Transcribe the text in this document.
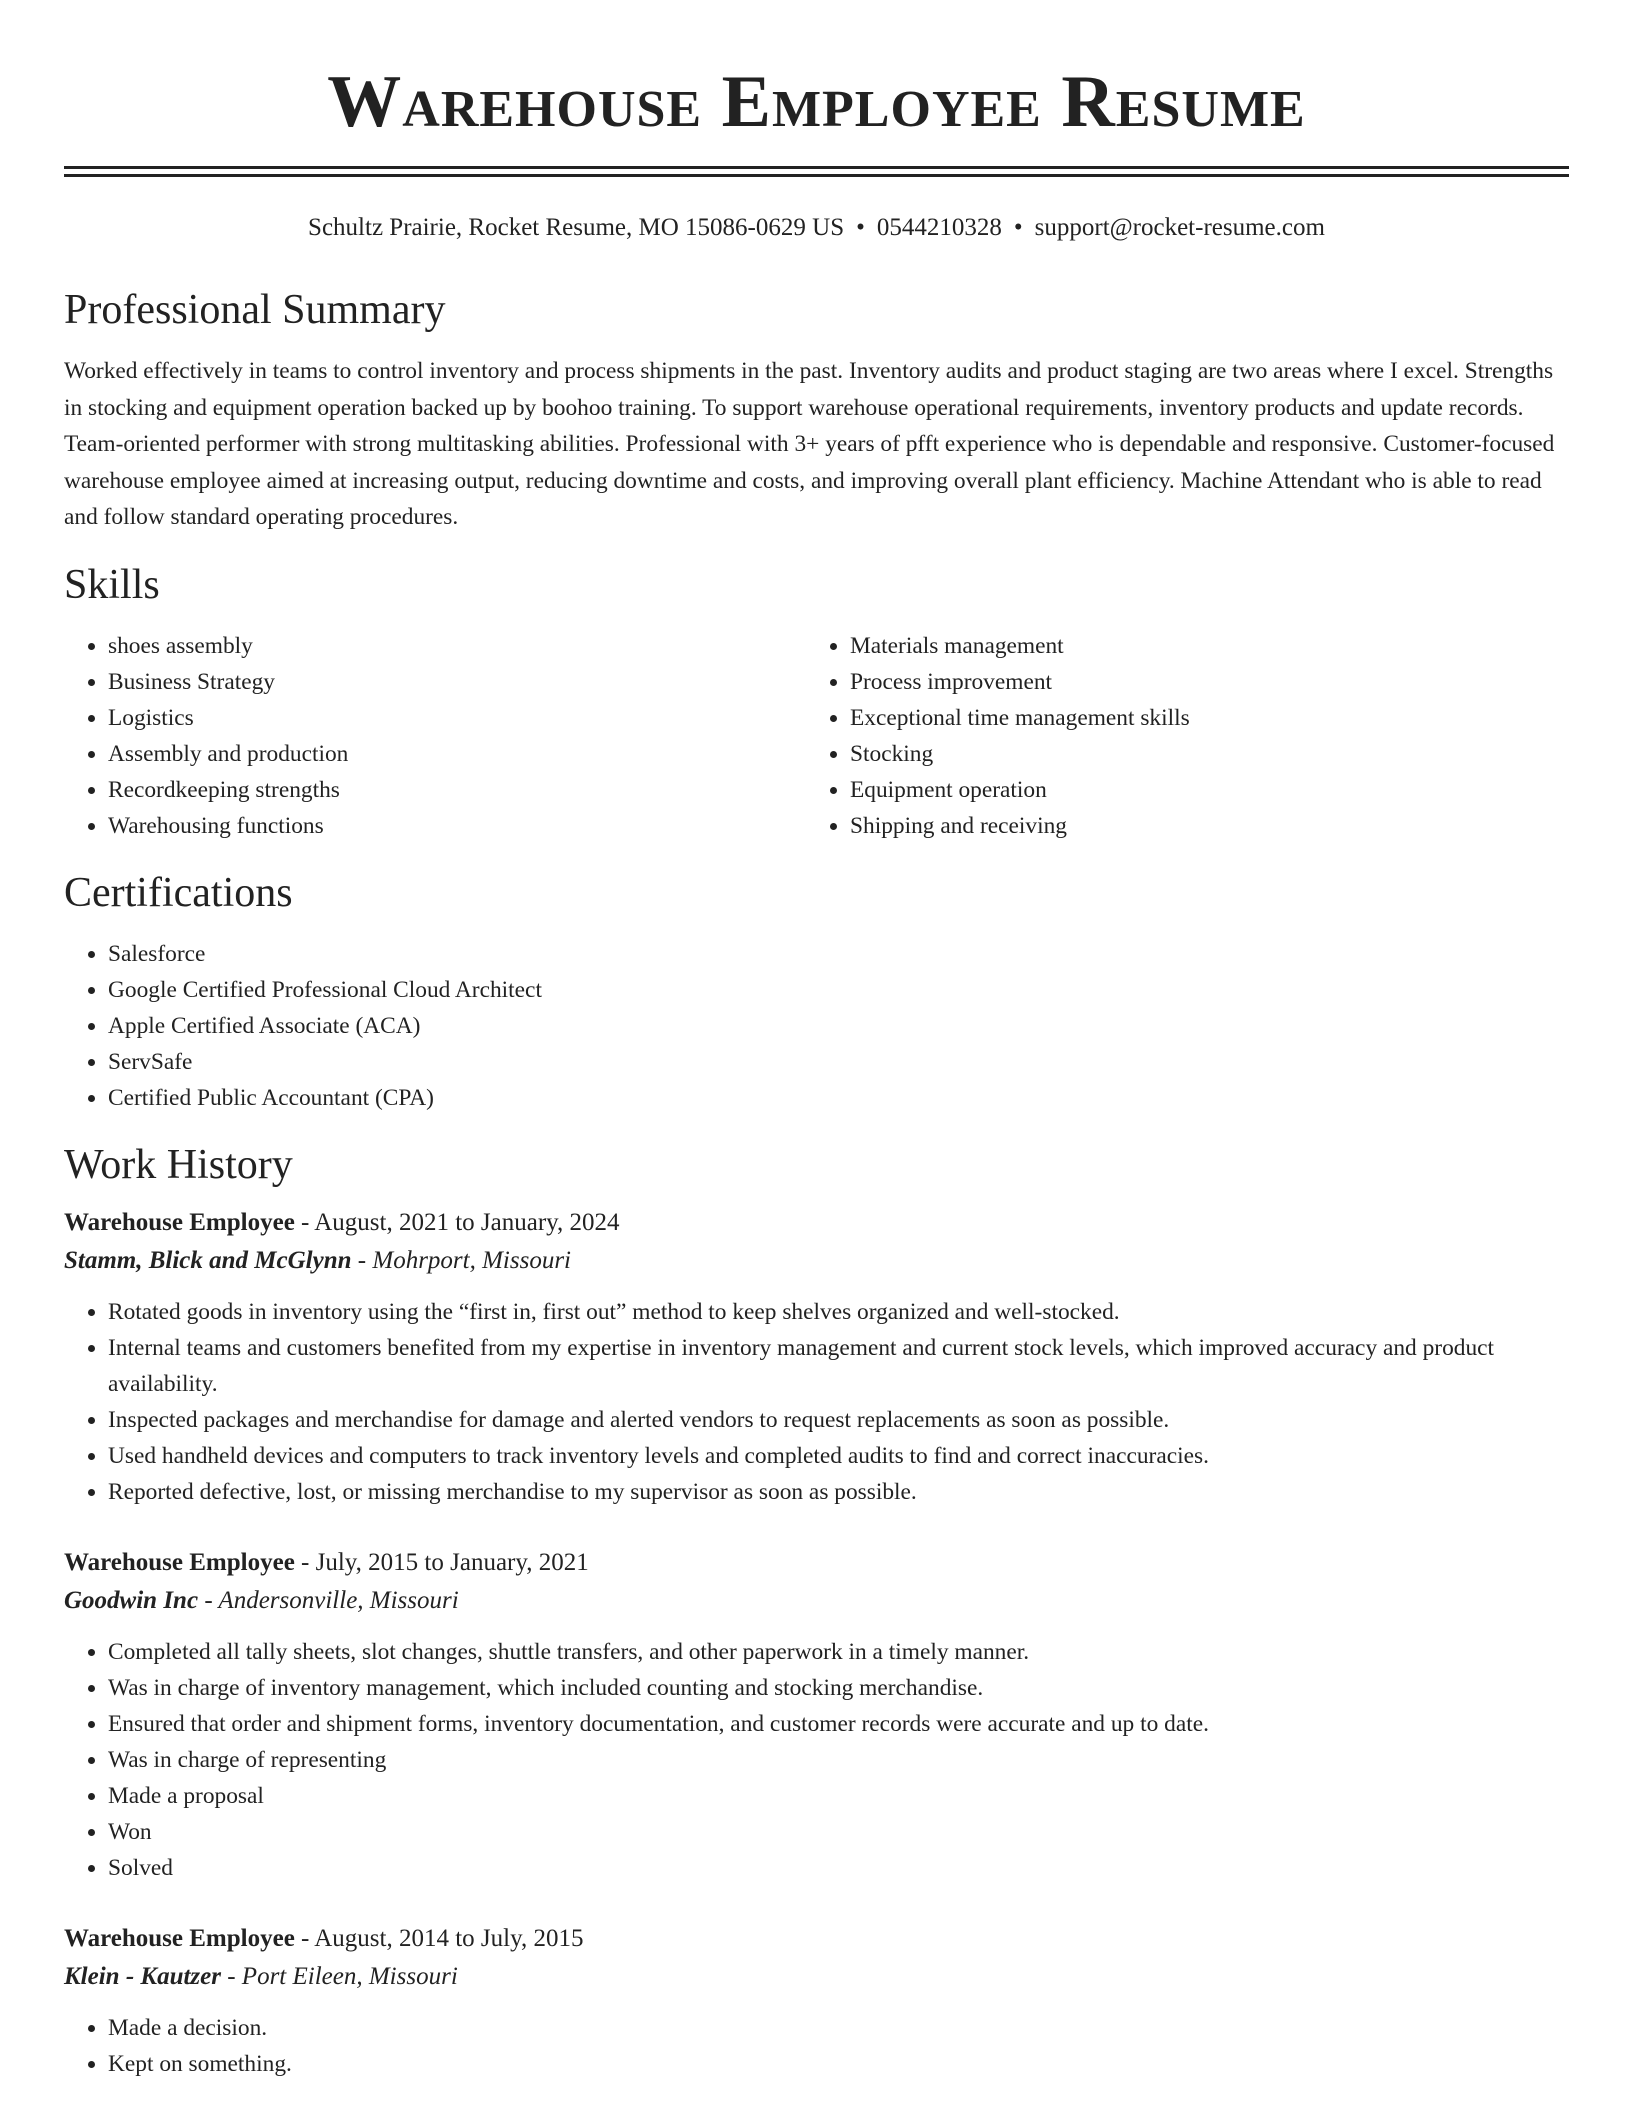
Warehouse Employee Resume
Schultz Prairie, Rocket Resume, MO 15086-0629 US • 0544210328 • support@rocket-resume.com
Professional Summary

Worked effectively in teams to control inventory and process shipments in the past. Inventory audits and product staging are two areas where I excel. Strengths in stocking and equipment operation backed up by boohoo training. To support warehouse operational requirements, inventory products and update records. Team-oriented performer with strong multitasking abilities. Professional with 3+ years of pfft experience who is dependable and responsive. Customer-focused warehouse employee aimed at increasing output, reducing downtime and costs, and improving overall plant efficiency. Machine Attendant who is able to read and follow standard operating procedures.

Skills
• shoes assembly
• Business Strategy
• Logistics
• Assembly and production
• Recordkeeping strengths
• Warehousing functions
• Materials management
• Process improvement
• Exceptional time management skills
• Stocking
• Equipment operation
• Shipping and receiving
Certifications
• Salesforce
• Google Certified Professional Cloud Architect
• Apple Certified Associate (ACA)
• ServSafe
• Certified Public Accountant (CPA)
Work History
Warehouse Employee - August, 2021 to January, 2024
Stamm, Blick and McGlynn - Mohrport, Missouri
• Rotated goods in inventory using the “first in, first out” method to keep shelves organized and well-stocked.
• Internal teams and customers benefited from my expertise in inventory management and current stock levels, which improved accuracy and product availability.
• Inspected packages and merchandise for damage and alerted vendors to request replacements as soon as possible.
• Used handheld devices and computers to track inventory levels and completed audits to find and correct inaccuracies.
• Reported defective, lost, or missing merchandise to my supervisor as soon as possible.
Warehouse Employee - July, 2015 to January, 2021
Goodwin Inc - Andersonville, Missouri
• Completed all tally sheets, slot changes, shuttle transfers, and other paperwork in a timely manner.
• Was in charge of inventory management, which included counting and stocking merchandise.
• Ensured that order and shipment forms, inventory documentation, and customer records were accurate and up to date.
• Was in charge of representing
• Made a proposal
• Won
• Solved
Warehouse Employee - August, 2014 to July, 2015
Klein - Kautzer - Port Eileen, Missouri
• Made a decision.
• Kept on something.
